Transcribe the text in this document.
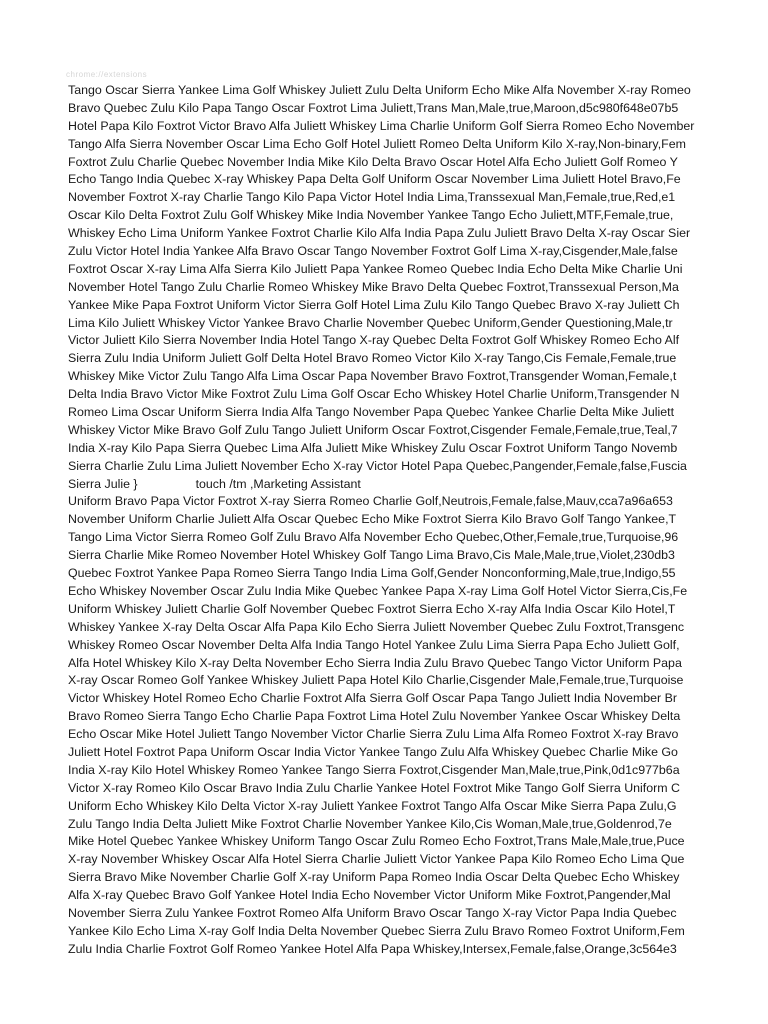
chrome://extensions
Tango Oscar Sierra Yankee Lima Golf Whiskey Juliett Zulu Delta Uniform Echo Mike Alfa November X-ray Romeo
Bravo Quebec Zulu Kilo Papa Tango Oscar Foxtrot Lima Juliett,Trans Man,Male,true,Maroon,d5c980f648e07b5
Hotel Papa Kilo Foxtrot Victor Bravo Alfa Juliett Whiskey Lima Charlie Uniform Golf Sierra Romeo Echo November
Tango Alfa Sierra November Oscar Lima Echo Golf Hotel Juliett Romeo Delta Uniform Kilo X-ray,Non-binary,Fem
Foxtrot Zulu Charlie Quebec November India Mike Kilo Delta Bravo Oscar Hotel Alfa Echo Juliett Golf Romeo Y
Echo Tango India Quebec X-ray Whiskey Papa Delta Golf Uniform Oscar November Lima Juliett Hotel Bravo,Fe
November Foxtrot X-ray Charlie Tango Kilo Papa Victor Hotel India Lima,Transsexual Man,Female,true,Red,e1
Oscar Kilo Delta Foxtrot Zulu Golf Whiskey Mike India November Yankee Tango Echo Juliett,MTF,Female,true,
Whiskey Echo Lima Uniform Yankee Foxtrot Charlie Kilo Alfa India Papa Zulu Juliett Bravo Delta X-ray Oscar Sier
Zulu Victor Hotel India Yankee Alfa Bravo Oscar Tango November Foxtrot Golf Lima X-ray,Cisgender,Male,false
Foxtrot Oscar X-ray Lima Alfa Sierra Kilo Juliett Papa Yankee Romeo Quebec India Echo Delta Mike Charlie Uni
November Hotel Tango Zulu Charlie Romeo Whiskey Mike Bravo Delta Quebec Foxtrot,Transsexual Person,Ma
Yankee Mike Papa Foxtrot Uniform Victor Sierra Golf Hotel Lima Zulu Kilo Tango Quebec Bravo X-ray Juliett Ch
Lima Kilo Juliett Whiskey Victor Yankee Bravo Charlie November Quebec Uniform,Gender Questioning,Male,tr
Victor Juliett Kilo Sierra November India Hotel Tango X-ray Quebec Delta Foxtrot Golf Whiskey Romeo Echo Alf
Sierra Zulu India Uniform Juliett Golf Delta Hotel Bravo Romeo Victor Kilo X-ray Tango,Cis Female,Female,true
Whiskey Mike Victor Zulu Tango Alfa Lima Oscar Papa November Bravo Foxtrot,Transgender Woman,Female,t
Delta India Bravo Victor Mike Foxtrot Zulu Lima Golf Oscar Echo Whiskey Hotel Charlie Uniform,Transgender N
Romeo Lima Oscar Uniform Sierra India Alfa Tango November Papa Quebec Yankee Charlie Delta Mike Juliett
Whiskey Victor Mike Bravo Golf Zulu Tango Juliett Uniform Oscar Foxtrot,Cisgender Female,Female,true,Teal,7
India X-ray Kilo Papa Sierra Quebec Lima Alfa Juliett Mike Whiskey Zulu Oscar Foxtrot Uniform Tango Novemb
Sierra Charlie Zulu Lima Juliett November Echo X-ray Victor Hotel Papa Quebec,Pangender,Female,false,Fuscia
Sierra Julie }	touch /tm ,Marketing Assistant
Uniform Bravo Papa Victor Foxtrot X-ray Sierra Romeo Charlie Golf,Neutrois,Female,false,Mauv,cca7a96a653
November Uniform Charlie Juliett Alfa Oscar Quebec Echo Mike Foxtrot Sierra Kilo Bravo Golf Tango Yankee,T
Tango Lima Victor Sierra Romeo Golf Zulu Bravo Alfa November Echo Quebec,Other,Female,true,Turquoise,96
Sierra Charlie Mike Romeo November Hotel Whiskey Golf Tango Lima Bravo,Cis Male,Male,true,Violet,230db3
Quebec Foxtrot Yankee Papa Romeo Sierra Tango India Lima Golf,Gender Nonconforming,Male,true,Indigo,55
Echo Whiskey November Oscar Zulu India Mike Quebec Yankee Papa X-ray Lima Golf Hotel Victor Sierra,Cis,Fe
Uniform Whiskey Juliett Charlie Golf November Quebec Foxtrot Sierra Echo X-ray Alfa India Oscar Kilo Hotel,T
Whiskey Yankee X-ray Delta Oscar Alfa Papa Kilo Echo Sierra Juliett November Quebec Zulu Foxtrot,Transgenc
Whiskey Romeo Oscar November Delta Alfa India Tango Hotel Yankee Zulu Lima Sierra Papa Echo Juliett Golf,
Alfa Hotel Whiskey Kilo X-ray Delta November Echo Sierra India Zulu Bravo Quebec Tango Victor Uniform Papa
X-ray Oscar Romeo Golf Yankee Whiskey Juliett Papa Hotel Kilo Charlie,Cisgender Male,Female,true,Turquoise
Victor Whiskey Hotel Romeo Echo Charlie Foxtrot Alfa Sierra Golf Oscar Papa Tango Juliett India November Br
Bravo Romeo Sierra Tango Echo Charlie Papa Foxtrot Lima Hotel Zulu November Yankee Oscar Whiskey Delta
Echo Oscar Mike Hotel Juliett Tango November Victor Charlie Sierra Zulu Lima Alfa Romeo Foxtrot X-ray Bravo
Juliett Hotel Foxtrot Papa Uniform Oscar India Victor Yankee Tango Zulu Alfa Whiskey Quebec Charlie Mike Go
India X-ray Kilo Hotel Whiskey Romeo Yankee Tango Sierra Foxtrot,Cisgender Man,Male,true,Pink,0d1c977b6a
Victor X-ray Romeo Kilo Oscar Bravo India Zulu Charlie Yankee Hotel Foxtrot Mike Tango Golf Sierra Uniform C
Uniform Echo Whiskey Kilo Delta Victor X-ray Juliett Yankee Foxtrot Tango Alfa Oscar Mike Sierra Papa Zulu,G
Zulu Tango India Delta Juliett Mike Foxtrot Charlie November Yankee Kilo,Cis Woman,Male,true,Goldenrod,7e
Mike Hotel Quebec Yankee Whiskey Uniform Tango Oscar Zulu Romeo Echo Foxtrot,Trans Male,Male,true,Puce
X-ray November Whiskey Oscar Alfa Hotel Sierra Charlie Juliett Victor Yankee Papa Kilo Romeo Echo Lima Que
Sierra Bravo Mike November Charlie Golf X-ray Uniform Papa Romeo India Oscar Delta Quebec Echo Whiskey
Alfa X-ray Quebec Bravo Golf Yankee Hotel India Echo November Victor Uniform Mike Foxtrot,Pangender,Mal
November Sierra Zulu Yankee Foxtrot Romeo Alfa Uniform Bravo Oscar Tango X-ray Victor Papa India Quebec
Yankee Kilo Echo Lima X-ray Golf India Delta November Quebec Sierra Zulu Bravo Romeo Foxtrot Uniform,Fem
Zulu India Charlie Foxtrot Golf Romeo Yankee Hotel Alfa Papa Whiskey,Intersex,Female,false,Orange,3c564e3
